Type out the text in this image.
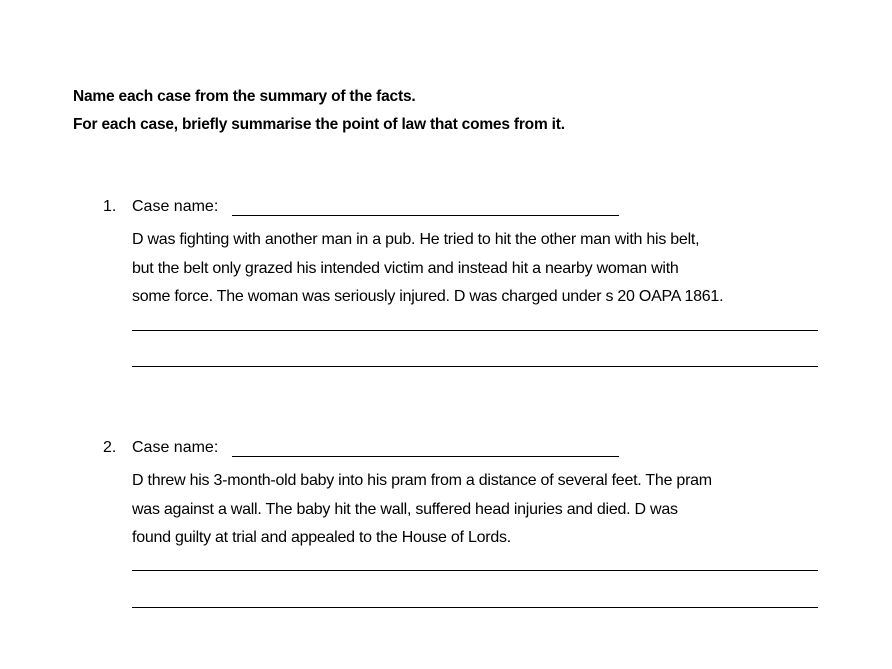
Name each case from the summary of the facts.
For each case, briefly summarise the point of law that comes from it.
1. Case name:
D was fighting with another man in a pub. He tried to hit the other man with his belt,
but the belt only grazed his intended victim and instead hit a nearby woman with
some force. The woman was seriously injured. D was charged under s 20 OAPA 1861.
2. Case name:
D threw his 3-month-old baby into his pram from a distance of several feet. The pram
was against a wall. The baby hit the wall, suffered head injuries and died. D was
found guilty at trial and appealed to the House of Lords.
